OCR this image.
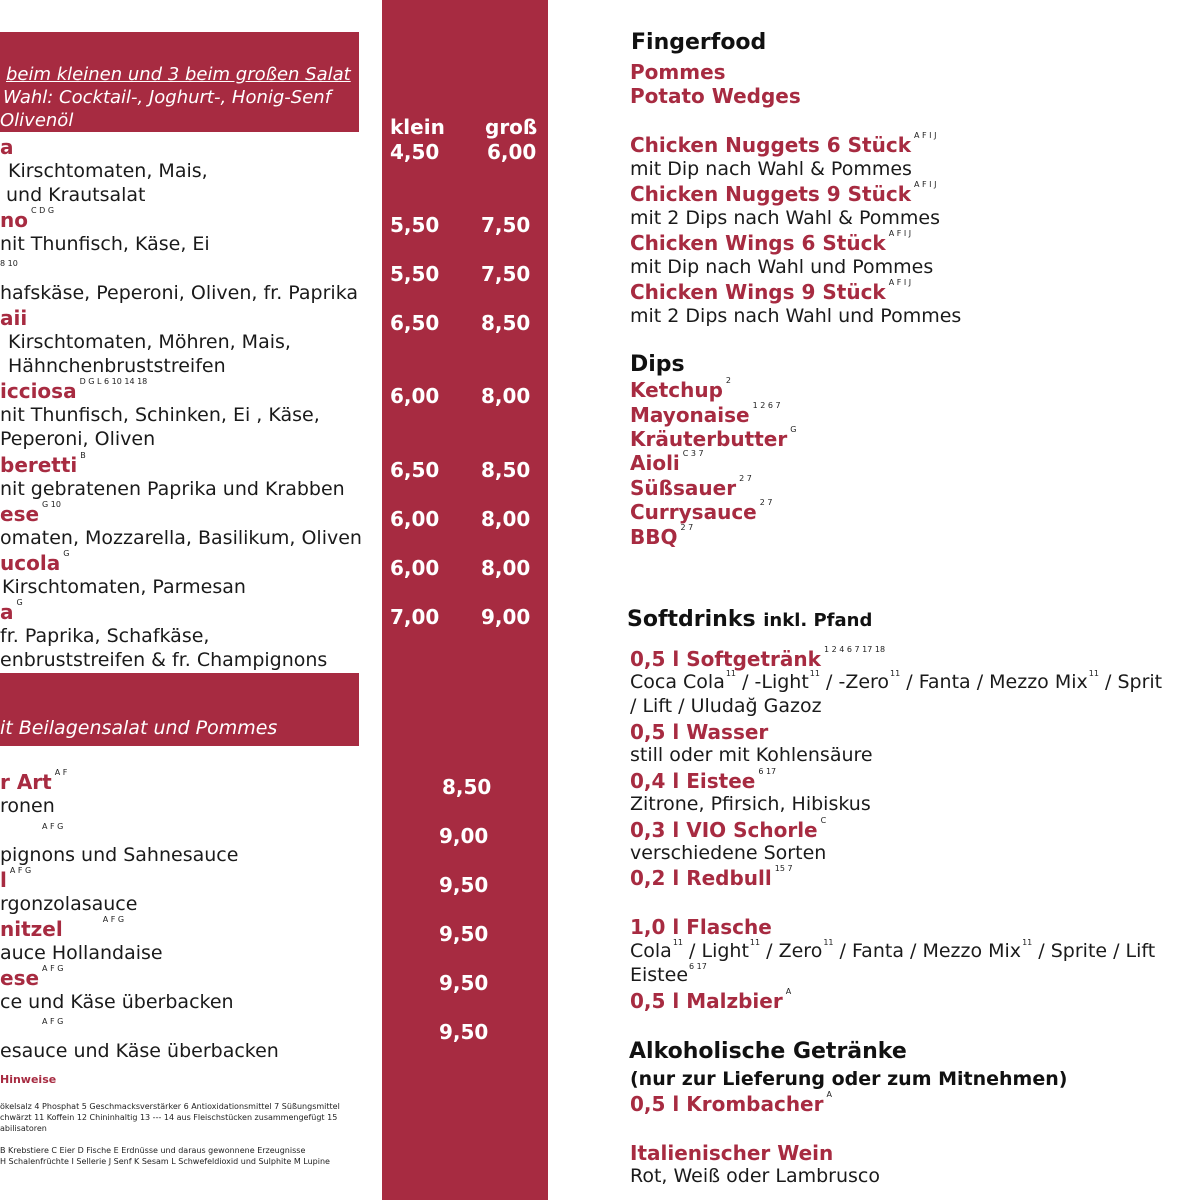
beim kleinen und 3 beim großen Salat
Wahl: Cocktail-, Joghurt-, Honig-Senf
Olivenöl	klein groß
a
Kirschtomaten, Mais,
und Krautsalat
4,50 6,00
no $^{C D G}$
nit Thunfisch, Käse, Ei
5,50 7,50
8 10
hafskäse, Peperoni, Oliven, fr. Paprika
5,50 7,50
aii
Kirschtomaten, Möhren, Mais,
Hähnchenbruststreifen
6,50 8,50
icciosa $^{D G L 6 10 14 18}$
nit Thunfisch, Schinken, Ei , Käse,
Peperoni, Oliven
6,00 8,00
beretti $^B$
nit gebratenen Paprika und Krabben
6,50 8,50
ese $^{G 10}$
omaten, Mozzarella, Basilikum, Oliven
6,00 8,00
ucola $^G$
Kirschtomaten, Parmesan
6,00 8,00
a $^G$
fr. Paprika, Schafkäse,
enbruststreifen & fr. Champignons
7,00 9,00
it Beilagensalat und Pommes
r Art $^{A F}$
ronen
8,50
A F G
pignons und Sahnesauce
9,00
l $^{A F G}$
rgonzolasauce
9,50
nitzel	$^{A F G}$
auce Hollandaise
9,50
ese $^{A F G}$
ce und Käse überbacken
9,50
A F G
esauce und Käse überbacken
9,50
Hinweise
ökelsalz 4 Phosphat 5 Geschmacksverstärker 6 Antioxidationsmittel 7 Süßungsmittel
chwärzt 11 Koffein 12 Chininhaltig 13 --- 14 aus Fleischstücken zusammengefügt 15
abilisatoren
B Krebstiere C Eier D Fische E Erdnüsse und daraus gewonnene Erzeugnisse
H Schalenfrüchte I Sellerie J Senf K Sesam L Schwefeldioxid und Sulphite M Lupine
Fingerfood
Pommes
Potato Wedges
Chicken Nuggets 6 Stück $^{A F I J}$
mit Dip nach Wahl & Pommes
Chicken Nuggets 9 Stück $^{A F I J}$
mit 2 Dips nach Wahl & Pommes
Chicken Wings 6 Stück $^{A F I J}$
mit Dip nach Wahl und Pommes
Chicken Wings 9 Stück $^{A F I J}$
mit 2 Dips nach Wahl und Pommes
Dips
Ketchup $^2$
Mayonaise $^{1 2 6 7}$
Kräuterbutter $^G$
Aioli $^{C 3 7}$
Süßsauer $^{2 7}$
Currysauce $^{2 7}$
BBQ $^{2 7}$
Softdrinks inkl. Pfand
0,5 l Softgetränk $^{1 2 4 6 7 17 18}$
Coca Cola$^{11}$ / -Light$^{11}$ / -Zero$^{11}$ / Fanta / Mezzo Mix$^{11}$ / Sprit
/ Lift / Uludağ Gazoz
0,5 l Wasser
still oder mit Kohlensäure
0,4 l Eistee $^{6 17}$
Zitrone, Pfirsich, Hibiskus
0,3 l VIO Schorle $^C$
verschiedene Sorten
0,2 l Redbull $^{15 7}$
1,0 l Flasche
Cola$^{11}$ / Light$^{11}$ / Zero$^{11}$ / Fanta / Mezzo Mix$^{11}$ / Sprite / Lift
Eistee$^{6 17}$
0,5 l Malzbier $^A$
Alkoholische Getränke
(nur zur Lieferung oder zum Mitnehmen)
0,5 l Krombacher $^A$
Italienischer Wein
Rot, Weiß oder Lambrusco
